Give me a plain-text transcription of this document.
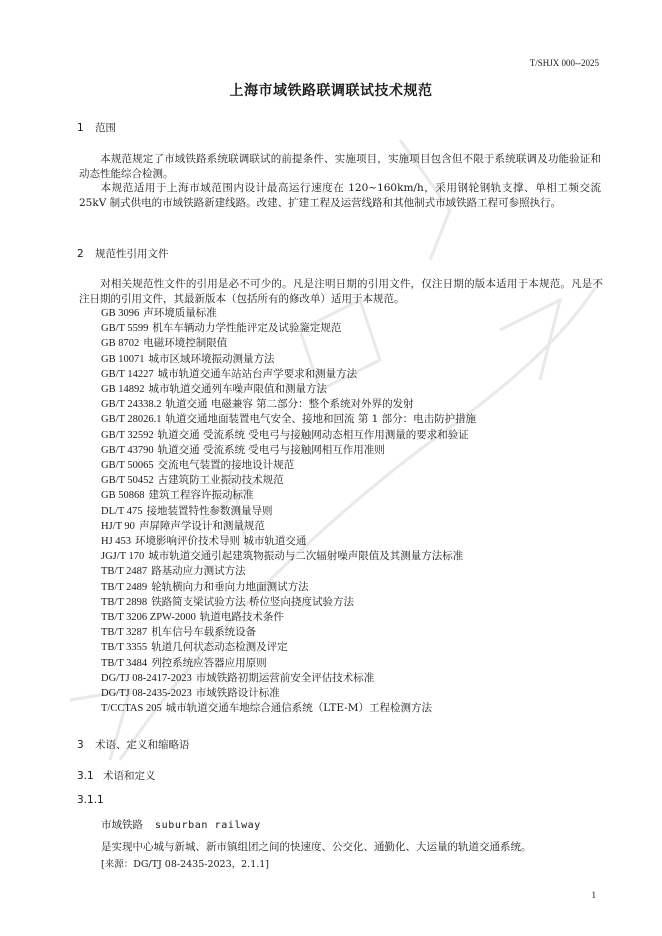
T/SHJX 000--2025
上海市域铁路联调联试技术规范
1 范围
本规范规定了市域铁路系统联调联试的前提条件、实施项目，实施项目包含但不限于系统联调及功能验证和动态性能综合检测。
本规范适用于上海市域范围内设计最高运行速度在 120~160km/h，采用钢轮钢轨支撑、单相工频交流 25kV 制式供电的市域铁路新建线路。改建、扩建工程及运营线路和其他制式市域铁路工程可参照执行。
2 规范性引用文件
对相关规范性文件的引用是必不可少的。凡是注明日期的引用文件，仅注日期的版本适用于本规范。凡是不注日期的引用文件，其最新版本（包括所有的修改单）适用于本规范。
GB 3096 声环境质量标准
GB/T 5599 机车车辆动力学性能评定及试验鉴定规范
GB 8702 电磁环境控制限值
GB 10071 城市区域环境振动测量方法
GB/T 14227 城市轨道交通车站站台声学要求和测量方法
GB 14892 城市轨道交通列车噪声限值和测量方法
GB/T 24338.2 轨道交通 电磁兼容 第二部分：整个系统对外界的发射
GB/T 28026.1 轨道交通地面装置电气安全、接地和回流 第 1 部分：电击防护措施
GB/T 32592 轨道交通 受流系统 受电弓与接触网动态相互作用测量的要求和验证
GB/T 43790 轨道交通 受流系统 受电弓与接触网相互作用准则
GB/T 50065 交流电气装置的接地设计规范
GB/T 50452 古建筑防工业振动技术规范
GB 50868 建筑工程容许振动标准
DL/T 475 接地装置特性参数测量导则
HJ/T 90 声屏障声学设计和测量规范
HJ 453 环境影响评价技术导则 城市轨道交通
JGJ/T 170 城市轨道交通引起建筑物振动与二次辐射噪声限值及其测量方法标准
TB/T 2487 路基动应力测试方法
TB/T 2489 轮轨横向力和垂向力地面测试方法
TB/T 2898 铁路简支梁试验方法 桥位竖向挠度试验方法
TB/T 3206 ZPW-2000 轨道电路技术条件
TB/T 3287 机车信号车载系统设备
TB/T 3355 轨道几何状态动态检测及评定
TB/T 3484 列控系统应答器应用原则
DG/TJ 08-2417-2023 市域铁路初期运营前安全评估技术标准
DG/TJ 08-2435-2023 市域铁路设计标准
T/CCTAS 205 城市轨道交通车地综合通信系统（LTE-M）工程检测方法
3 术语、定义和缩略语
3.1 术语和定义
3.1.1
市域铁路 suburban railway
是实现中心城与新城、新市镇组团之间的快速度、公交化、通勤化、大运量的轨道交通系统。
[来源：DG/TJ 08-2435-2023，2.1.1]
1
